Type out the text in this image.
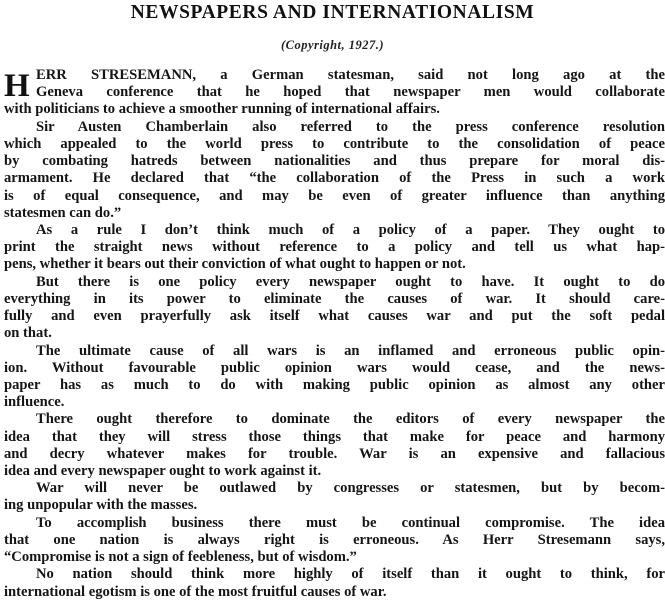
NEWSPAPERS AND INTERNATIONALISM
(Copyright, 1927.)
H ERR STRESEMANN, a German statesman, said not long ago at the
Geneva conference that he hoped that newspaper men would collaborate
with politicians to achieve a smoother running of international affairs.
Sir Austen Chamberlain also referred to the press conference resolution
which appealed to the world press to contribute to the consolidation of peace
by combating hatreds between nationalities and thus prepare for moral dis-
armament. He declared that “the collaboration of the Press in such a work
is of equal consequence, and may be even of greater influence than anything
statesmen can do.”
As a rule I don’t think much of a policy of a paper. They ought to
print the straight news without reference to a policy and tell us what hap-
pens, whether it bears out their conviction of what ought to happen or not.
But there is one policy every newspaper ought to have. It ought to do
everything in its power to eliminate the causes of war. It should care-
fully and even prayerfully ask itself what causes war and put the soft pedal
on that.
The ultimate cause of all wars is an inflamed and erroneous public opin-
ion. Without favourable public opinion wars would cease, and the news-
paper has as much to do with making public opinion as almost any other
influence.
There ought therefore to dominate the editors of every newspaper the
idea that they will stress those things that make for peace and harmony
and decry whatever makes for trouble. War is an expensive and fallacious
idea and every newspaper ought to work against it.
War will never be outlawed by congresses or statesmen, but by becom-
ing unpopular with the masses.
To accomplish business there must be continual compromise. The idea
that one nation is always right is erroneous. As Herr Stresemann says,
“Compromise is not a sign of feebleness, but of wisdom.”
No nation should think more highly of itself than it ought to think, for
international egotism is one of the most fruitful causes of war.
